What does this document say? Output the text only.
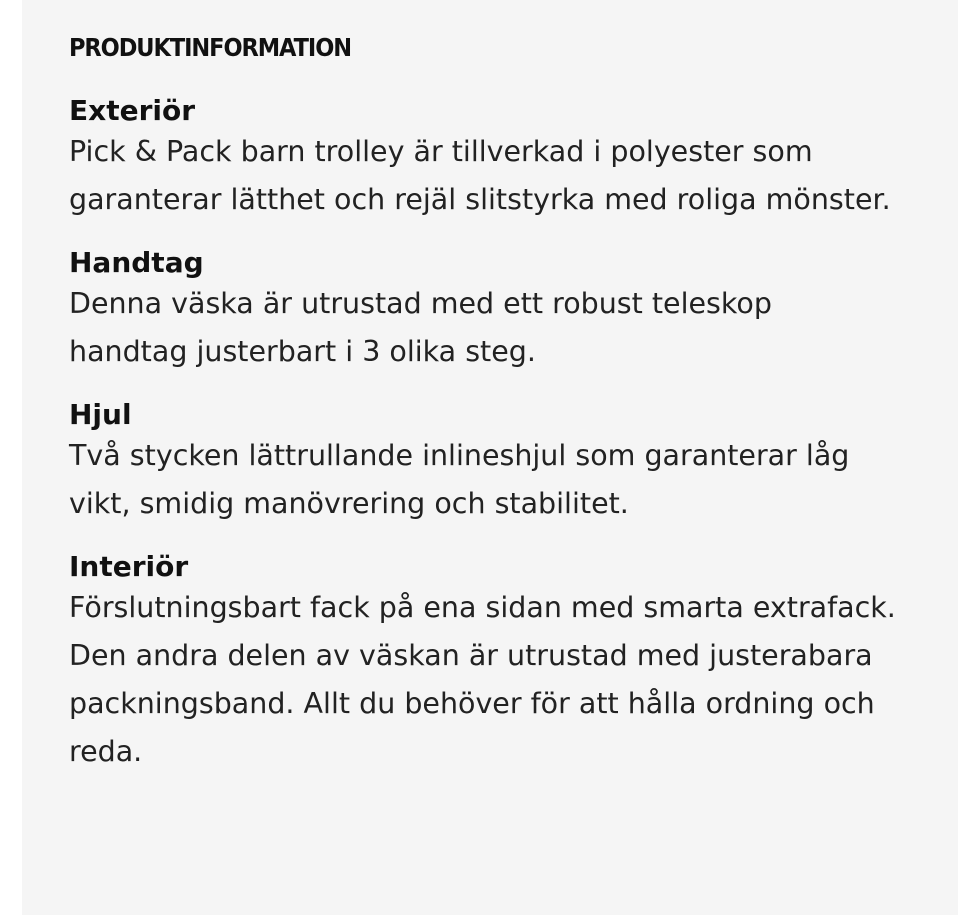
PRODUKTINFORMATION
Exteriör

Pick & Pack barn trolley är tillverkad i polyester som garanterar lätthet och rejäl slitstyrka med roliga mönster.

Handtag

Denna väska är utrustad med ett robust teleskop handtag justerbart i 3 olika steg.

Hjul

Två stycken lättrullande inlineshjul som garanterar låg vikt, smidig manövrering och stabilitet.

Interiör

Förslutningsbart fack på ena sidan med smarta extrafack. Den andra delen av väskan är utrustad med justerabara packningsband. Allt du behöver för att hålla ordning och reda.
